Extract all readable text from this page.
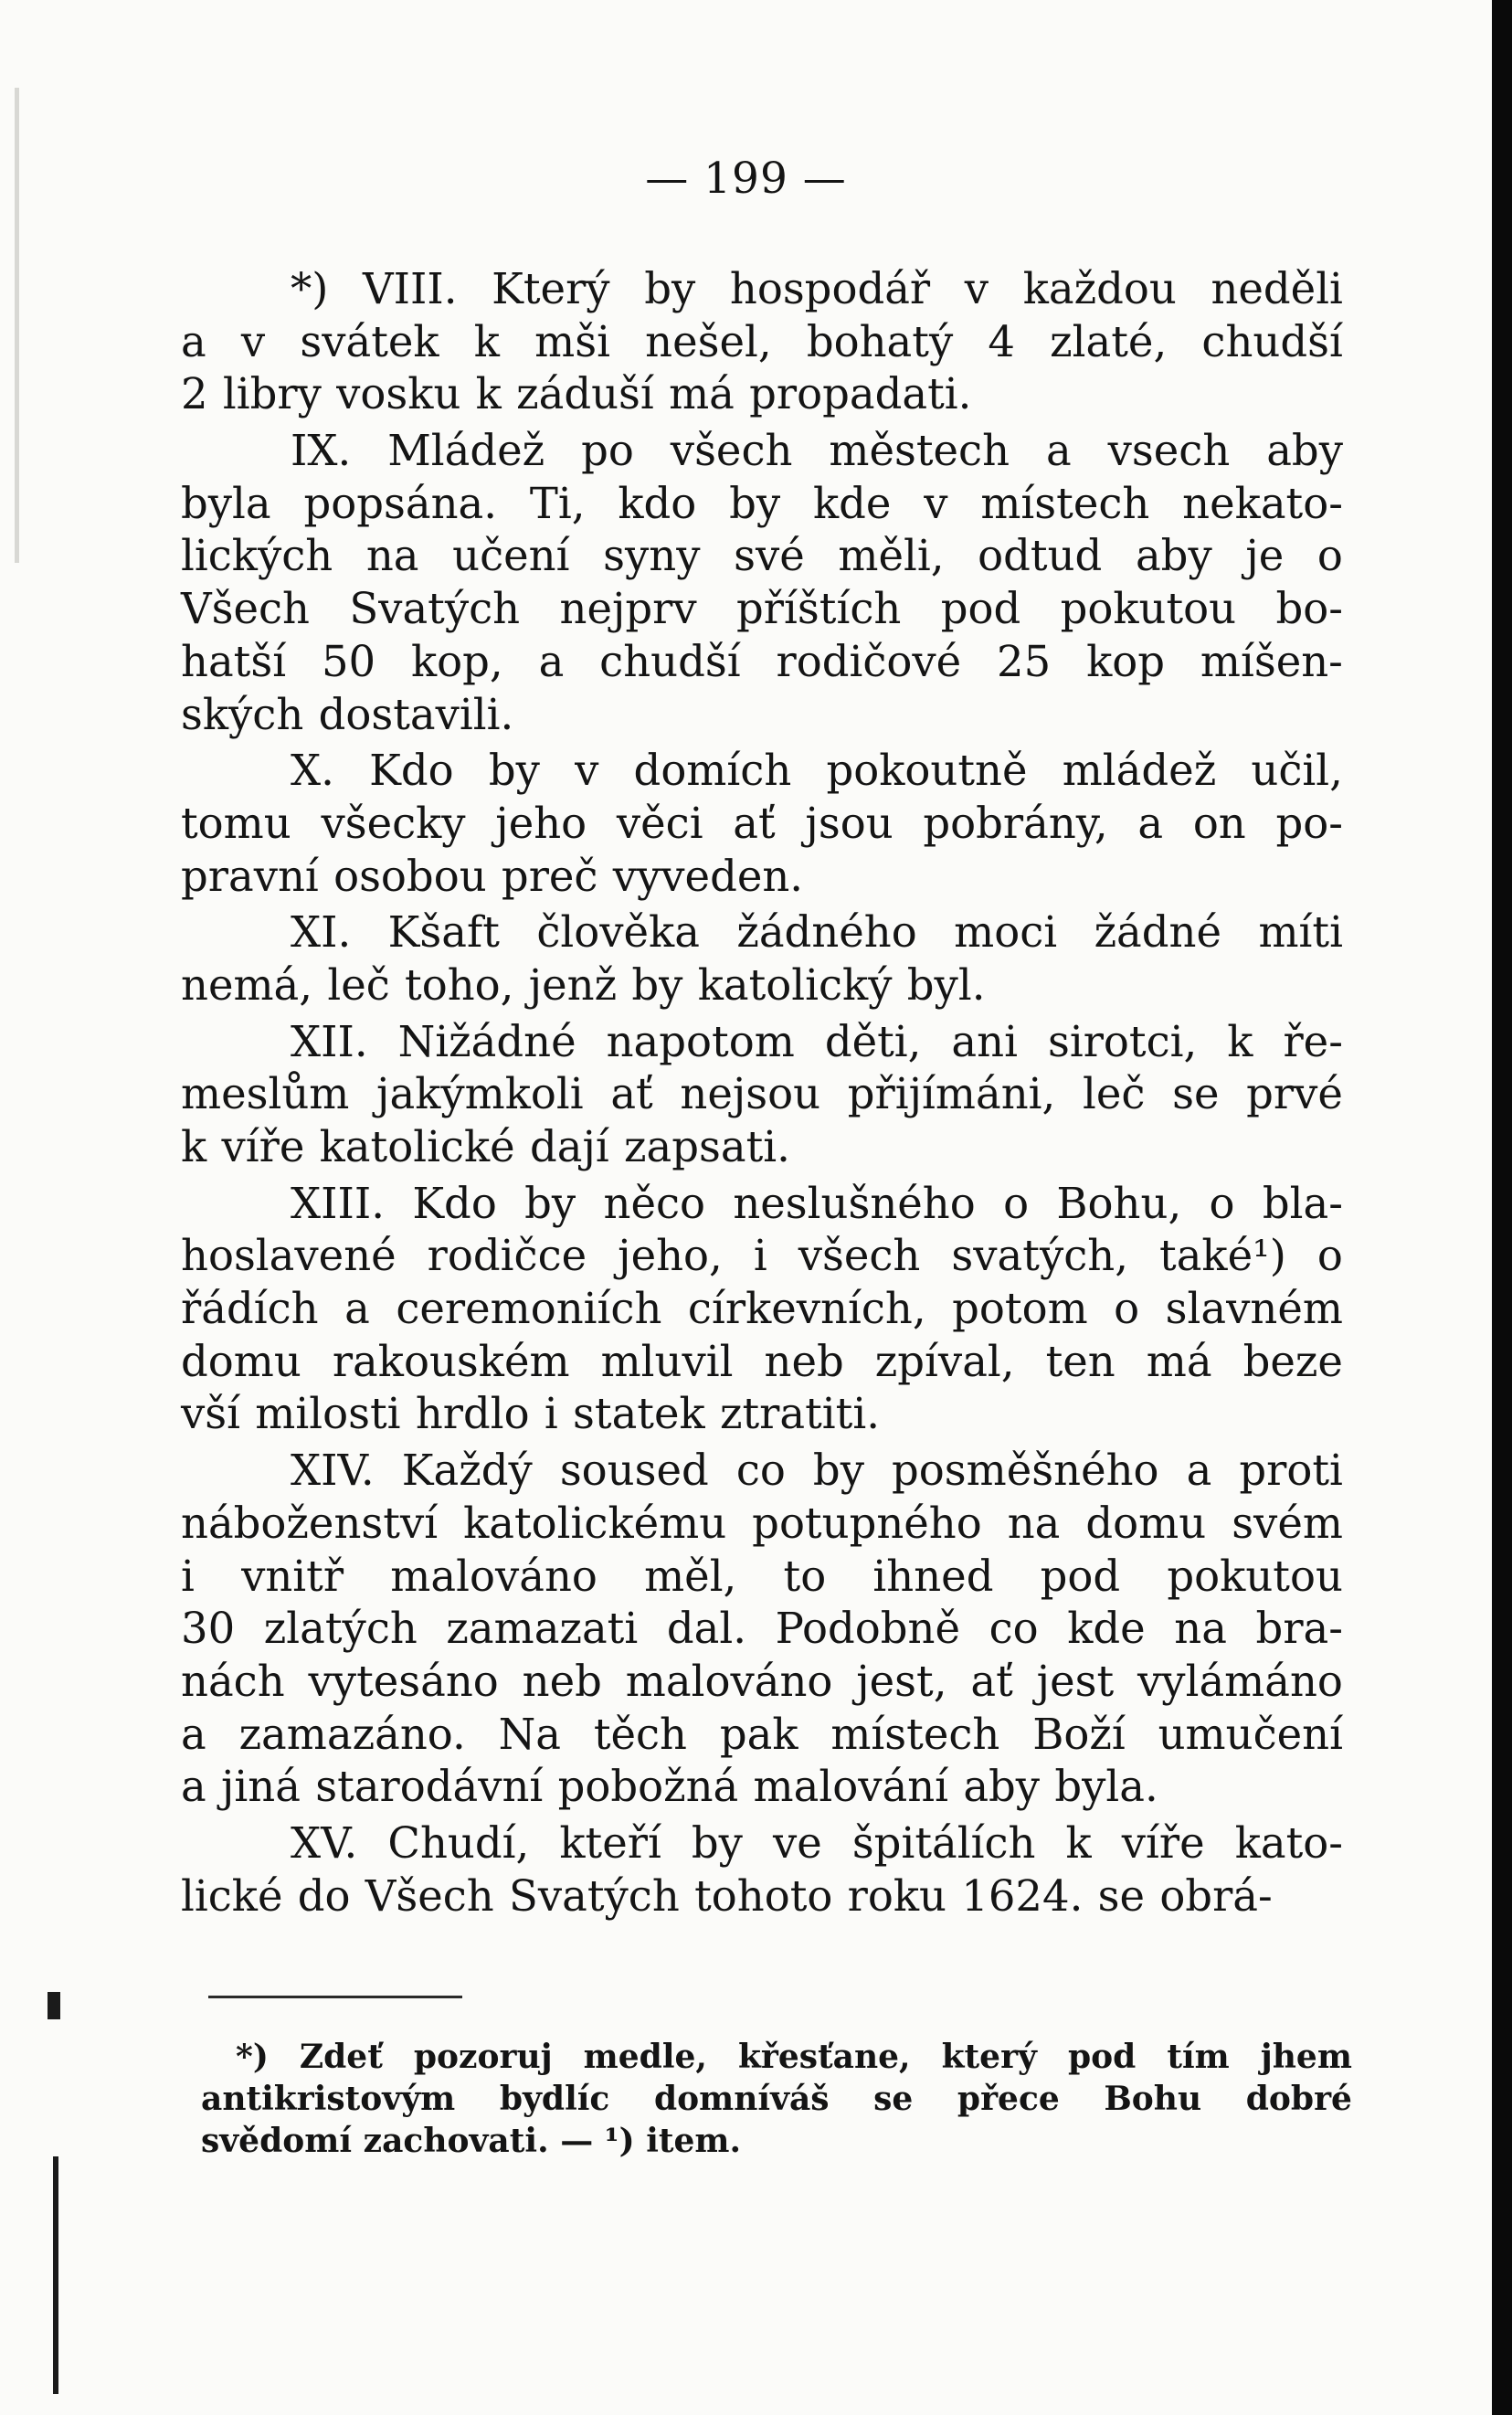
— 199 —
*) VIII. Který by hospodář v každou neděli
a v svátek k mši nešel, bohatý 4 zlaté, chudší
2 libry vosku k záduší má propadati.
IX. Mládež po všech městech a vsech aby
byla popsána. Ti, kdo by kde v místech nekato-
lických na učení syny své měli, odtud aby je o
Všech Svatých nejprv příštích pod pokutou bo-
hatší 50 kop, a chudší rodičové 25 kop míšen-
ských dostavili.
X. Kdo by v domích pokoutně mládež učil,
tomu všecky jeho věci ať jsou pobrány, a on po-
pravní osobou preč vyveden.
XI. Kšaft člověka žádného moci žádné míti
nemá, leč toho, jenž by katolický byl.
XII. Nižádné napotom děti, ani sirotci, k ře-
meslům jakýmkoli ať nejsou přijímáni, leč se prvé
k víře katolické dají zapsati.
XIII. Kdo by něco neslušného o Bohu, o bla-
hoslavené rodičce jeho, i všech svatých, také¹) o
řádích a ceremoniích církevních, potom o slavném
domu rakouském mluvil neb zpíval, ten má beze
vší milosti hrdlo i statek ztratiti.
XIV. Každý soused co by posměšného a proti
náboženství katolickému potupného na domu svém
i vnitř malováno měl, to ihned pod pokutou
30 zlatých zamazati dal. Podobně co kde na bra-
nách vytesáno neb malováno jest, ať jest vylámáno
a zamazáno. Na těch pak místech Boží umučení
a jiná starodávní pobožná malování aby byla.
XV. Chudí, kteří by ve špitálích k víře kato-
lické do Všech Svatých tohoto roku 1624. se obrá-
*) Zdeť pozoruj medle, křesťane, který pod tím jhem
antikristovým bydlíc domníváš se přece Bohu dobré
svědomí zachovati. — ¹) item.
